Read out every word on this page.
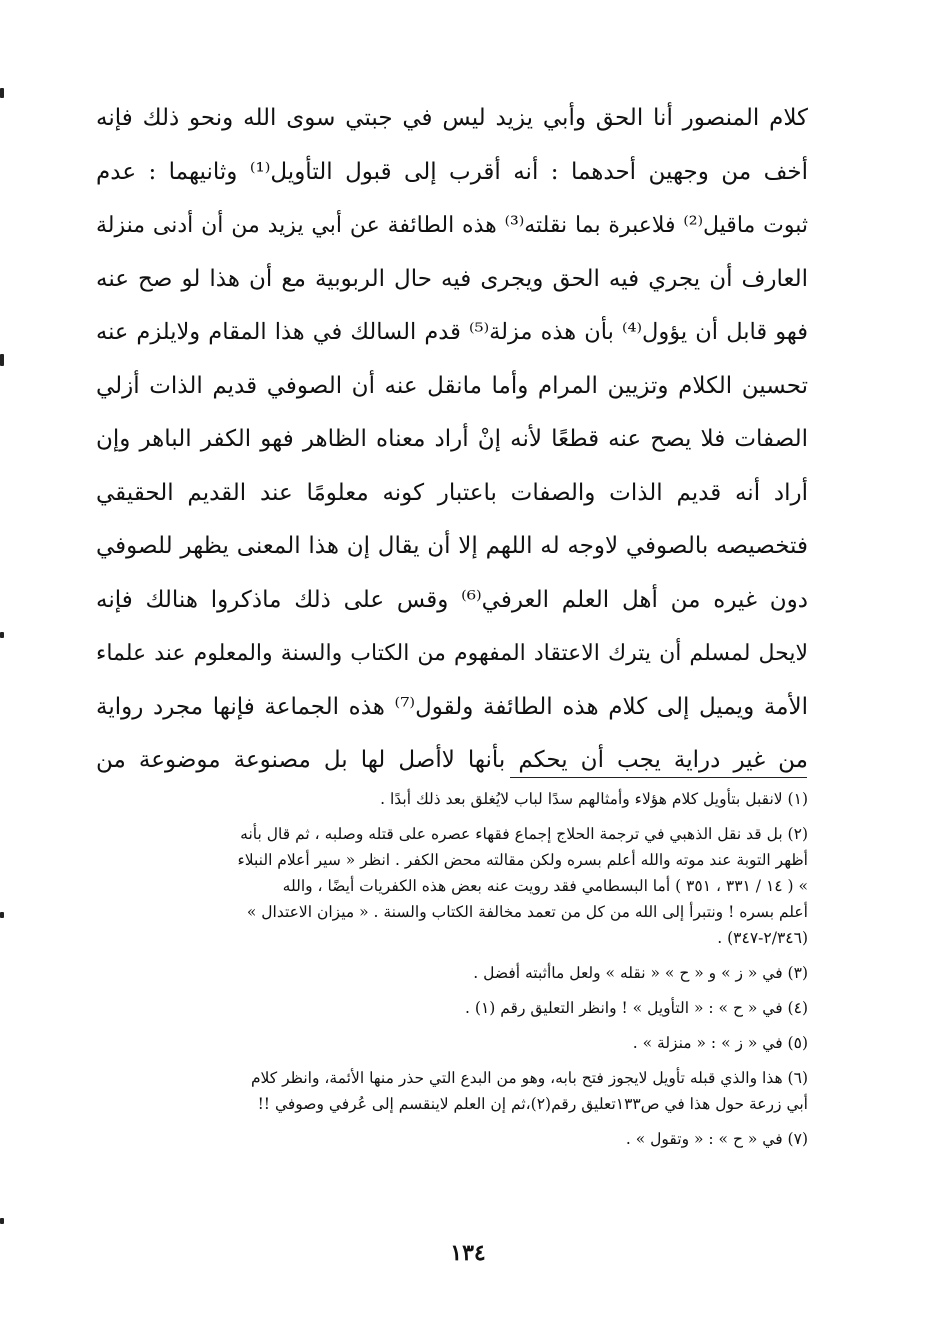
كلام المنصور أنا الحق وأبي يزيد ليس في جبتي سوى الله ونحو ذلك فإنه
أخف من وجهين أحدهما : أنه أقرب إلى قبول التأويل⁽¹⁾ وثانيهما : عدم
ثبوت ماقيل⁽²⁾ فلاعبرة بما نقلته⁽³⁾ هذه الطائفة عن أبي يزيد من أن أدنى منزلة
العارف أن يجري فيه الحق ويجرى فيه حال الربوبية مع أن هذا لو صح عنه
فهو قابل أن يؤول⁽⁴⁾ بأن هذه مزلة⁽⁵⁾ قدم السالك في هذا المقام ولايلزم عنه
تحسين الكلام وتزيين المرام وأما مانقل عنه أن الصوفي قديم الذات أزلي
الصفات فلا يصح عنه قطعًا لأنه إنْ أراد معناه الظاهر فهو الكفر الباهر وإن
أراد أنه قديم الذات والصفات باعتبار كونه معلومًا عند القديم الحقيقي
فتخصيصه بالصوفي لاوجه له اللهم إلا أن يقال إن هذا المعنى يظهر للصوفي
دون غيره من أهل العلم العرفي⁽⁶⁾ وقس على ذلك ماذكروا هنالك فإنه
لايحل لمسلم أن يترك الاعتقاد المفهوم من الكتاب والسنة والمعلوم عند علماء
الأمة ويميل إلى كلام هذه الطائفة ولقول⁽⁷⁾ هذه الجماعة فإنها مجرد رواية
من غير دراية يجب أن يحكم بأنها لاأصل لها بل مصنوعة موضوعة من
(١) لانقبل بتأويل كلام هؤلاء وأمثالهم سدًا لباب لايُغلق بعد ذلك أبدًا .
(٢) بل قد نقل الذهبي في ترجمة الحلاج إجماع فقهاء عصره على قتله وصلبه ، ثم قال بأنه
أظهر التوبة عند موته والله أعلم بسره ولكن مقالته محض الكفر . انظر « سير أعلام النبلاء
» ( ١٤ / ٣٣١ ، ٣٥١ ) أما البسطامي فقد رويت عنه بعض هذه الكفريات أيضًا ، والله
أعلم بسره ! ونتبرأ إلى الله من كل من تعمد مخالفة الكتاب والسنة . « ميزان الاعتدال »
(٢/٣٤٦-٣٤٧) .
(٣) في « ز » و « ح » « نقله » ولعل ماأثبته أفضل .
(٤) في « ح » : « التأويل » ! وانظر التعليق رقم (١) .
(٥) في « ز » : « منزلة » .
(٦) هذا والذي قبله تأويل لايجوز فتح بابه، وهو من البدع التي حذر منها الأئمة، وانظر كلام
أبي زرعة حول هذا في ص١٣٣تعليق رقم(٢)،ثم إن العلم لاينقسم إلى عُرفي وصوفي !!
(٧) في « ح » : « وتقول » .
١٣٤
